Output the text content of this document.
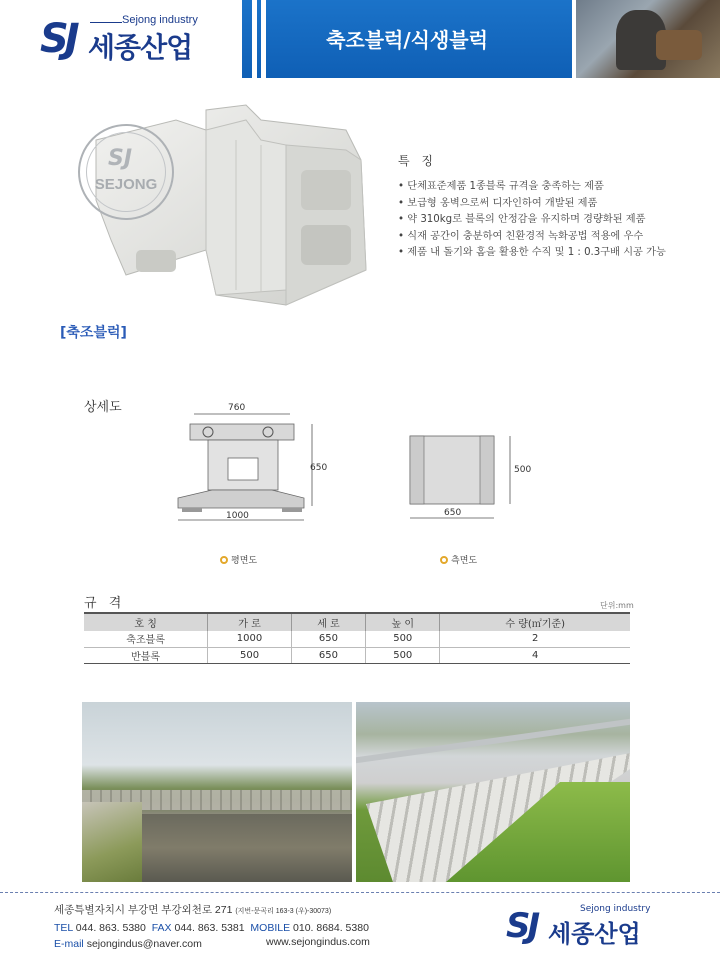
SJ	Sejong industry
세종산업	축조블럭/식생블럭
SJ
SEJONG
[축조블럭]
특 징
• 단체표준제품 1종블록 규격을 충족하는 제품
• 보급형 옹벽으로써 디자인하여 개발된 제품
• 약 310kg로 블록의 안정감을 유지하며 경량화된 제품
• 식재 공간이 충분하여 친환경적 녹화공법 적용에 우수
• 제품 내 돌기와 홈을 활용한 수직 및 1 : 0.3구배 시공 가능
상세도	760
650
1000
500
650
평면도	측면도
규 격	단위:mm
호 칭	가 로	세 로	높 이	수 량(㎡기준)
축조블록	1000	650	500	2
반블록	500	650	500	4
세종특별자치시 부강면 부강외천로 271 (지번-문곡리 163-3 (우)-30073)
TEL 044. 863. 5380 FAX 044. 863. 5381 MOBILE 010. 8684. 5380
E-mail sejongindus@naver.com	www.sejongindus.com	SJ	Sejong industry
세종산업
